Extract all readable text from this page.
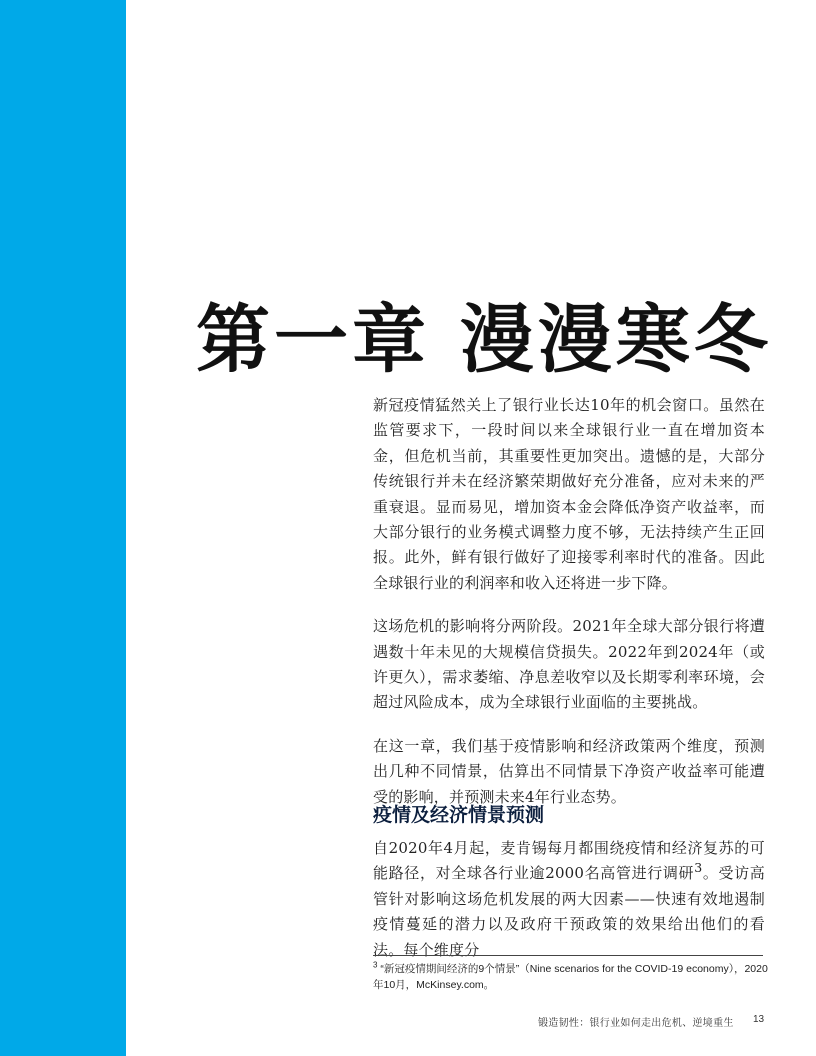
第一章 漫漫寒冬

新冠疫情猛然关上了银行业长达10年的机会窗口。虽然在监管要求下，一段时间以来全球银行业一直在增加资本金，但危机当前，其重要性更加突出。遗憾的是，大部分传统银行并未在经济繁荣期做好充分准备，应对未来的严重衰退。显而易见，增加资本金会降低净资产收益率，而大部分银行的业务模式调整力度不够，无法持续产生正回报。此外，鲜有银行做好了迎接零利率时代的准备。因此全球银行业的利润率和收入还将进一步下降。

这场危机的影响将分两阶段。2021年全球大部分银行将遭遇数十年未见的大规模信贷损失。2022年到2024年（或许更久），需求萎缩、净息差收窄以及长期零利率环境，会超过风险成本，成为全球银行业面临的主要挑战。

在这一章，我们基于疫情影响和经济政策两个维度，预测出几种不同情景，估算出不同情景下净资产收益率可能遭受的影响，并预测未来4年行业态势。

疫情及经济情景预测

自2020年4月起，麦肯锡每月都围绕疫情和经济复苏的可能路径，对全球各行业逾2000名高管进行调研$^3$。受访高管针对影响这场危机发展的两大因素——快速有效地遏制疫情蔓延的潜力以及政府干预政策的效果给出他们的看法。每个维度分

$^3$ “新冠疫情期间经济的9个情景”（Nine scenarios for the COVID-19 economy），2020年10月，McKinsey.com。
锻造韧性：银行业如何走出危机、逆境重生 13
